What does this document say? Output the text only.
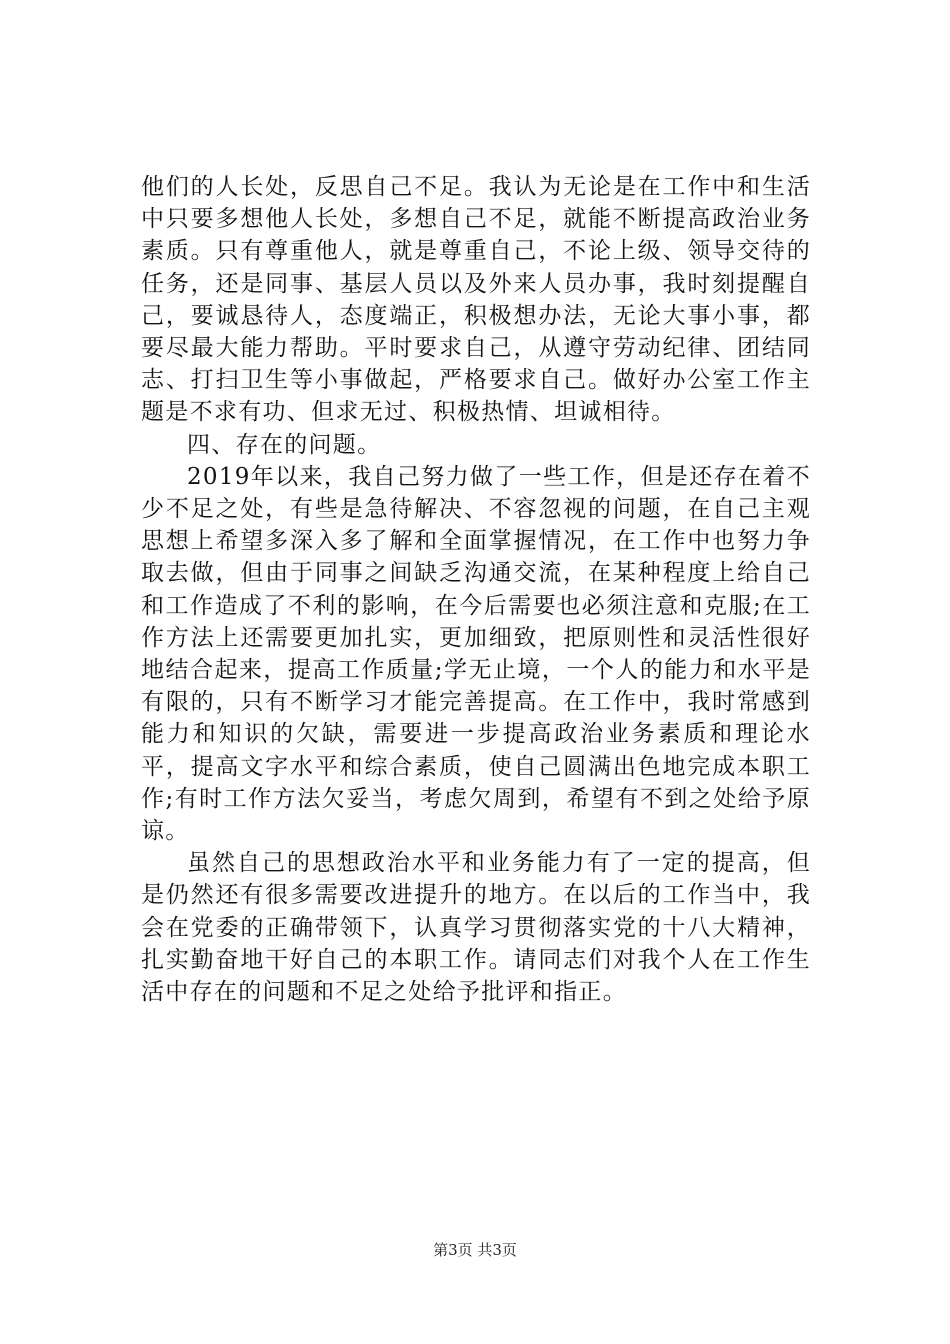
他们的人长处，反思自己不足。我认为无论是在工作中和生活中只要多想他人长处，多想自己不足，就能不断提高政治业务素质。只有尊重他人，就是尊重自己，不论上级、领导交待的任务，还是同事、基层人员以及外来人员办事，我时刻提醒自己，要诚恳待人，态度端正，积极想办法，无论大事小事，都要尽最大能力帮助。平时要求自己，从遵守劳动纪律、团结同志、打扫卫生等小事做起，严格要求自己。做好办公室工作主题是不求有功、但求无过、积极热情、坦诚相待。

四、存在的问题。

2019年以来，我自己努力做了一些工作，但是还存在着不少不足之处，有些是急待解决、不容忽视的问题，在自己主观思想上希望多深入多了解和全面掌握情况，在工作中也努力争取去做，但由于同事之间缺乏沟通交流，在某种程度上给自己和工作造成了不利的影响，在今后需要也必须注意和克服;在工作方法上还需要更加扎实，更加细致，把原则性和灵活性很好地结合起来，提高工作质量;学无止境，一个人的能力和水平是有限的，只有不断学习才能完善提高。在工作中，我时常感到能力和知识的欠缺，需要进一步提高政治业务素质和理论水平，提高文字水平和综合素质，使自己圆满出色地完成本职工作;有时工作方法欠妥当，考虑欠周到，希望有不到之处给予原谅。

虽然自己的思想政治水平和业务能力有了一定的提高，但是仍然还有很多需要改进提升的地方。在以后的工作当中，我会在党委的正确带领下，认真学习贯彻落实党的十八大精神，扎实勤奋地干好自己的本职工作。请同志们对我个人在工作生活中存在的问题和不足之处给予批评和指正。

第3页 共3页
